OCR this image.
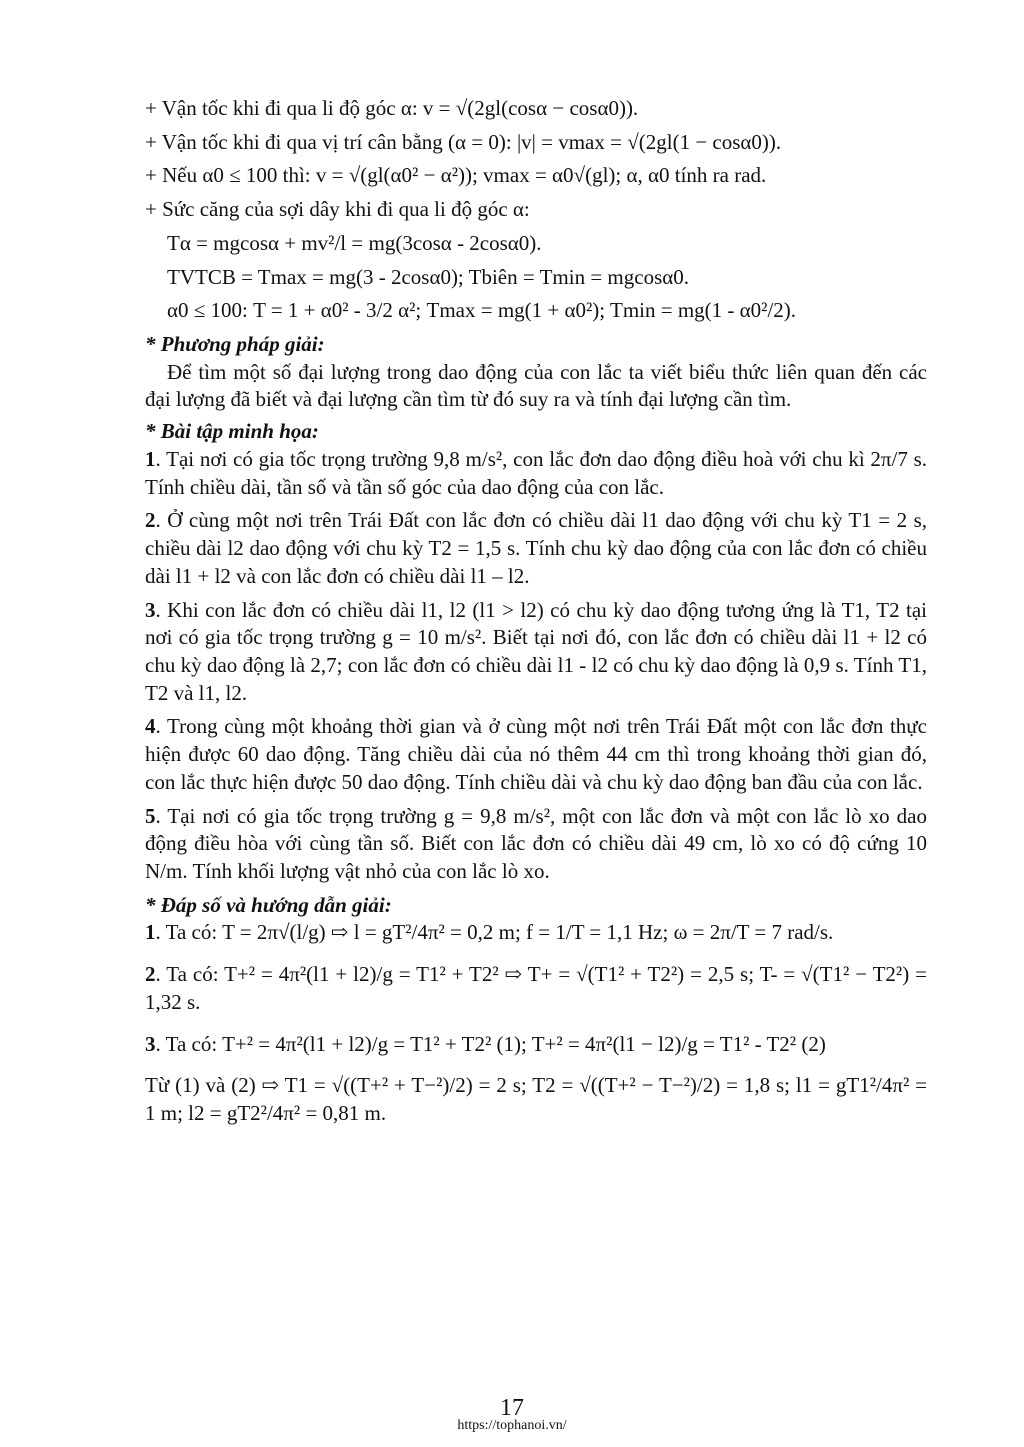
+ Vận tốc khi đi qua li độ góc α: v = √(2gl(cosα − cosα0)).

+ Vận tốc khi đi qua vị trí cân bằng (α = 0): |v| = vmax = √(2gl(1 − cosα0)).

+ Nếu α0 ≤ 100 thì: v = √(gl(α0² − α²)); vmax = α0√(gl); α, α0 tính ra rad.

+ Sức căng của sợi dây khi đi qua li độ góc α:

Tα = mgcosα + mv²/l = mg(3cosα - 2cosα0).

TVTCB = Tmax = mg(3 - 2cosα0); Tbiên = Tmin = mgcosα0.

α0 ≤ 100: T = 1 + α0² - 3/2 α²; Tmax = mg(1 + α0²); Tmin = mg(1 - α0²/2).

* Phương pháp giải:

Để tìm một số đại lượng trong dao động của con lắc ta viết biểu thức liên quan đến các đại lượng đã biết và đại lượng cần tìm từ đó suy ra và tính đại lượng cần tìm.

* Bài tập minh họa:

1. Tại nơi có gia tốc trọng trường 9,8 m/s², con lắc đơn dao động điều hoà với chu kì 2π/7 s. Tính chiều dài, tần số và tần số góc của dao động của con lắc.

2. Ở cùng một nơi trên Trái Đất con lắc đơn có chiều dài l1 dao động với chu kỳ T1 = 2 s, chiều dài l2 dao động với chu kỳ T2 = 1,5 s. Tính chu kỳ dao động của con lắc đơn có chiều dài l1 + l2 và con lắc đơn có chiều dài l1 – l2.

3. Khi con lắc đơn có chiều dài l1, l2 (l1 > l2) có chu kỳ dao động tương ứng là T1, T2 tại nơi có gia tốc trọng trường g = 10 m/s². Biết tại nơi đó, con lắc đơn có chiều dài l1 + l2 có chu kỳ dao động là 2,7; con lắc đơn có chiều dài l1 - l2 có chu kỳ dao động là 0,9 s. Tính T1, T2 và l1, l2.

4. Trong cùng một khoảng thời gian và ở cùng một nơi trên Trái Đất một con lắc đơn thực hiện được 60 dao động. Tăng chiều dài của nó thêm 44 cm thì trong khoảng thời gian đó, con lắc thực hiện được 50 dao động. Tính chiều dài và chu kỳ dao động ban đầu của con lắc.

5. Tại nơi có gia tốc trọng trường g = 9,8 m/s², một con lắc đơn và một con lắc lò xo dao động điều hòa với cùng tần số. Biết con lắc đơn có chiều dài 49 cm, lò xo có độ cứng 10 N/m. Tính khối lượng vật nhỏ của con lắc lò xo.

* Đáp số và hướng dẫn giải:

1. Ta có: T = 2π√(l/g) ⇨ l = gT²/4π² = 0,2 m; f = 1/T = 1,1 Hz; ω = 2π/T = 7 rad/s.

2. Ta có: T+² = 4π²(l1 + l2)/g = T1² + T2² ⇨ T+ = √(T1² + T2²) = 2,5 s; T- = √(T1² − T2²) = 1,32 s.

3. Ta có: T+² = 4π²(l1 + l2)/g = T1² + T2² (1); T+² = 4π²(l1 − l2)/g = T1² - T2² (2)

Từ (1) và (2) ⇨ T1 = √((T+² + T−²)/2) = 2 s; T2 = √((T+² − T−²)/2) = 1,8 s; l1 = gT1²/4π² = 1 m; l2 = gT2²/4π² = 0,81 m.

17
https://tophanoi.vn/
